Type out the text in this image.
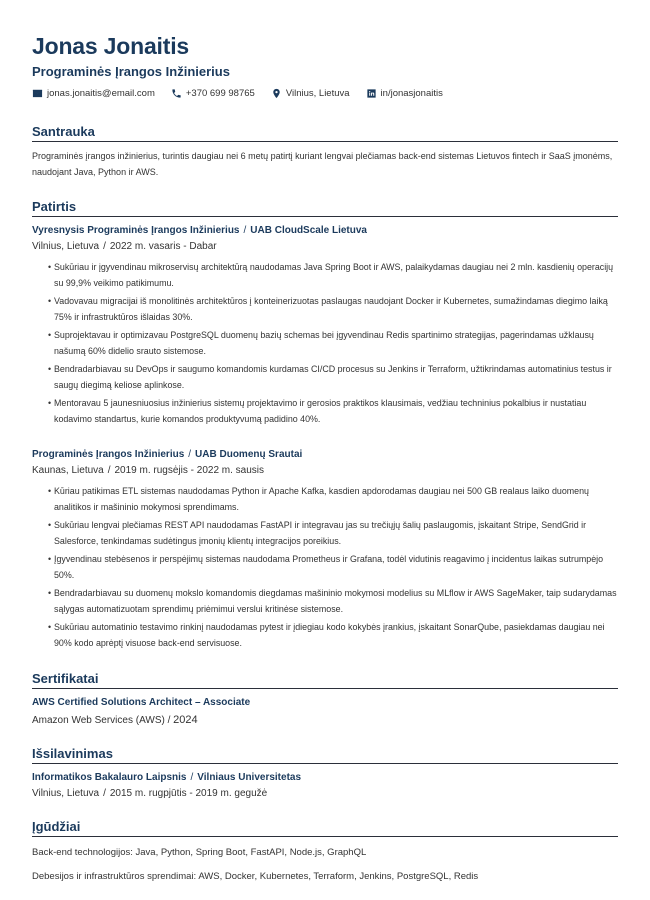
Jonas Jonaitis
Programinės Įrangos Inžinierius
jonas.jonaitis@email.com	+370 699 98765	Vilnius, Lietuva	in/jonasjonaitis
Santrauka
Programinės įrangos inžinierius, turintis daugiau nei 6 metų patirtį kuriant lengvai plečiamas back-end sistemas Lietuvos fintech ir SaaS įmonėms, naudojant Java, Python ir AWS.
Patirtis
Vyresnysis Programinės Įrangos Inžinierius / UAB CloudScale Lietuva
Vilnius, Lietuva / 2022 m. vasaris - Dabar
• Sukūriau ir įgyvendinau mikroservisų architektūrą naudodamas Java Spring Boot ir AWS, palaikydamas daugiau nei 2 mln. kasdienių operacijų su 99,9% veikimo patikimumu.
• Vadovavau migracijai iš monolitinės architektūros į konteinerizuotas paslaugas naudojant Docker ir Kubernetes, sumažindamas diegimo laiką 75% ir infrastruktūros išlaidas 30%.
• Suprojektavau ir optimizavau PostgreSQL duomenų bazių schemas bei įgyvendinau Redis spartinimo strategijas, pagerindamas užklausų našumą 60% didelio srauto sistemose.
• Bendradarbiavau su DevOps ir saugumo komandomis kurdamas CI/CD procesus su Jenkins ir Terraform, užtikrindamas automatinius testus ir saugų diegimą keliose aplinkose.
• Mentoravau 5 jaunesniuosius inžinierius sistemų projektavimo ir gerosios praktikos klausimais, vedžiau techninius pokalbius ir nustatiau kodavimo standartus, kurie komandos produktyvumą padidino 40%.
Programinės Įrangos Inžinierius / UAB Duomenų Srautai
Kaunas, Lietuva / 2019 m. rugsėjis - 2022 m. sausis
• Kūriau patikimas ETL sistemas naudodamas Python ir Apache Kafka, kasdien apdorodamas daugiau nei 500 GB realaus laiko duomenų analitikos ir mašininio mokymosi sprendimams.
• Sukūriau lengvai plečiamas REST API naudodamas FastAPI ir integravau jas su trečiųjų šalių paslaugomis, įskaitant Stripe, SendGrid ir Salesforce, tenkindamas sudėtingus įmonių klientų integracijos poreikius.
• Įgyvendinau stebėsenos ir perspėjimų sistemas naudodama Prometheus ir Grafana, todėl vidutinis reagavimo į incidentus laikas sutrumpėjo 50%.
• Bendradarbiavau su duomenų mokslo komandomis diegdamas mašininio mokymosi modelius su MLflow ir AWS SageMaker, taip sudarydamas sąlygas automatizuotam sprendimų priėmimui verslui kritinėse sistemose.
• Sukūriau automatinio testavimo rinkinį naudodamas pytest ir įdiegiau kodo kokybės įrankius, įskaitant SonarQube, pasiekdamas daugiau nei 90% kodo aprėptį visuose back-end servisuose.
Sertifikatai
AWS Certified Solutions Architect – Associate
Amazon Web Services (AWS) / 2024
Išsilavinimas
Informatikos Bakalauro Laipsnis / Vilniaus Universitetas
Vilnius, Lietuva / 2015 m. rugpjūtis - 2019 m. gegužė
Įgūdžiai
Back-end technologijos: Java, Python, Spring Boot, FastAPI, Node.js, GraphQL
Debesijos ir infrastruktūros sprendimai: AWS, Docker, Kubernetes, Terraform, Jenkins, PostgreSQL, Redis
